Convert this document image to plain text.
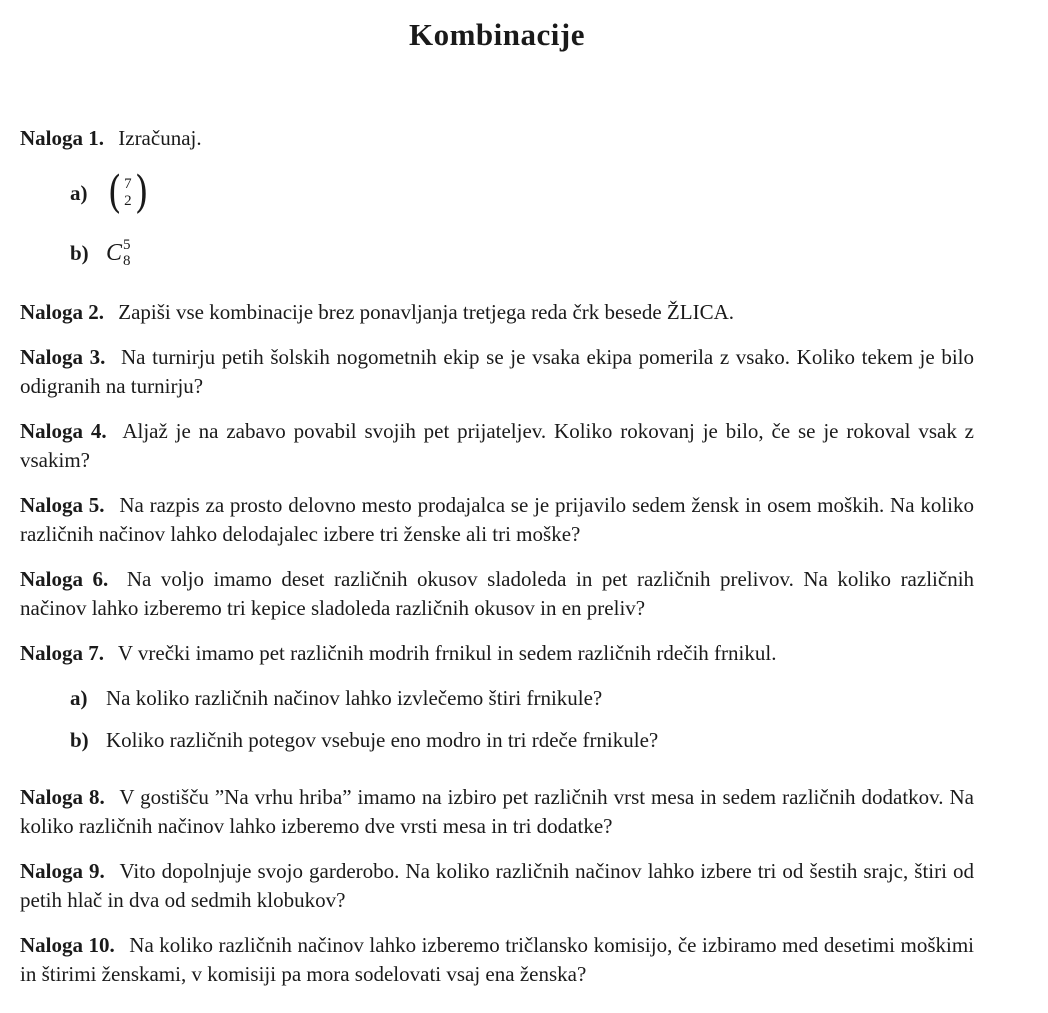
Kombinacije

Naloga 1. Izračunaj.

a) ( 7
2 )
b) C 5
8

Naloga 2. Zapiši vse kombinacije brez ponavljanja tretjega reda črk besede ŽLICA.

Naloga 3. Na turnirju petih šolskih nogometnih ekip se je vsaka ekipa pomerila z vsako. Koliko tekem je bilo odigranih na turnirju?

Naloga 4. Aljaž je na zabavo povabil svojih pet prijateljev. Koliko rokovanj je bilo, če se je rokoval vsak z vsakim?

Naloga 5. Na razpis za prosto delovno mesto prodajalca se je prijavilo sedem žensk in osem moških. Na koliko različnih načinov lahko delodajalec izbere tri ženske ali tri moške?

Naloga 6. Na voljo imamo deset različnih okusov sladoleda in pet različnih prelivov. Na koliko različnih načinov lahko izberemo tri kepice sladoleda različnih okusov in en preliv?

Naloga 7. V vrečki imamo pet različnih modrih frnikul in sedem različnih rdečih frnikul.

a) Na koliko različnih načinov lahko izvlečemo štiri frnikule?
b) Koliko različnih potegov vsebuje eno modro in tri rdeče frnikule?

Naloga 8. V gostišču ”Na vrhu hriba” imamo na izbiro pet različnih vrst mesa in sedem različnih dodatkov. Na koliko različnih načinov lahko izberemo dve vrsti mesa in tri dodatke?

Naloga 9. Vito dopolnjuje svojo garderobo. Na koliko različnih načinov lahko izbere tri od šestih srajc, štiri od petih hlač in dva od sedmih klobukov?

Naloga 10. Na koliko različnih načinov lahko izberemo tričlansko komisijo, če izbiramo med desetimi moškimi in štirimi ženskami, v komisiji pa mora sodelovati vsaj ena ženska?
